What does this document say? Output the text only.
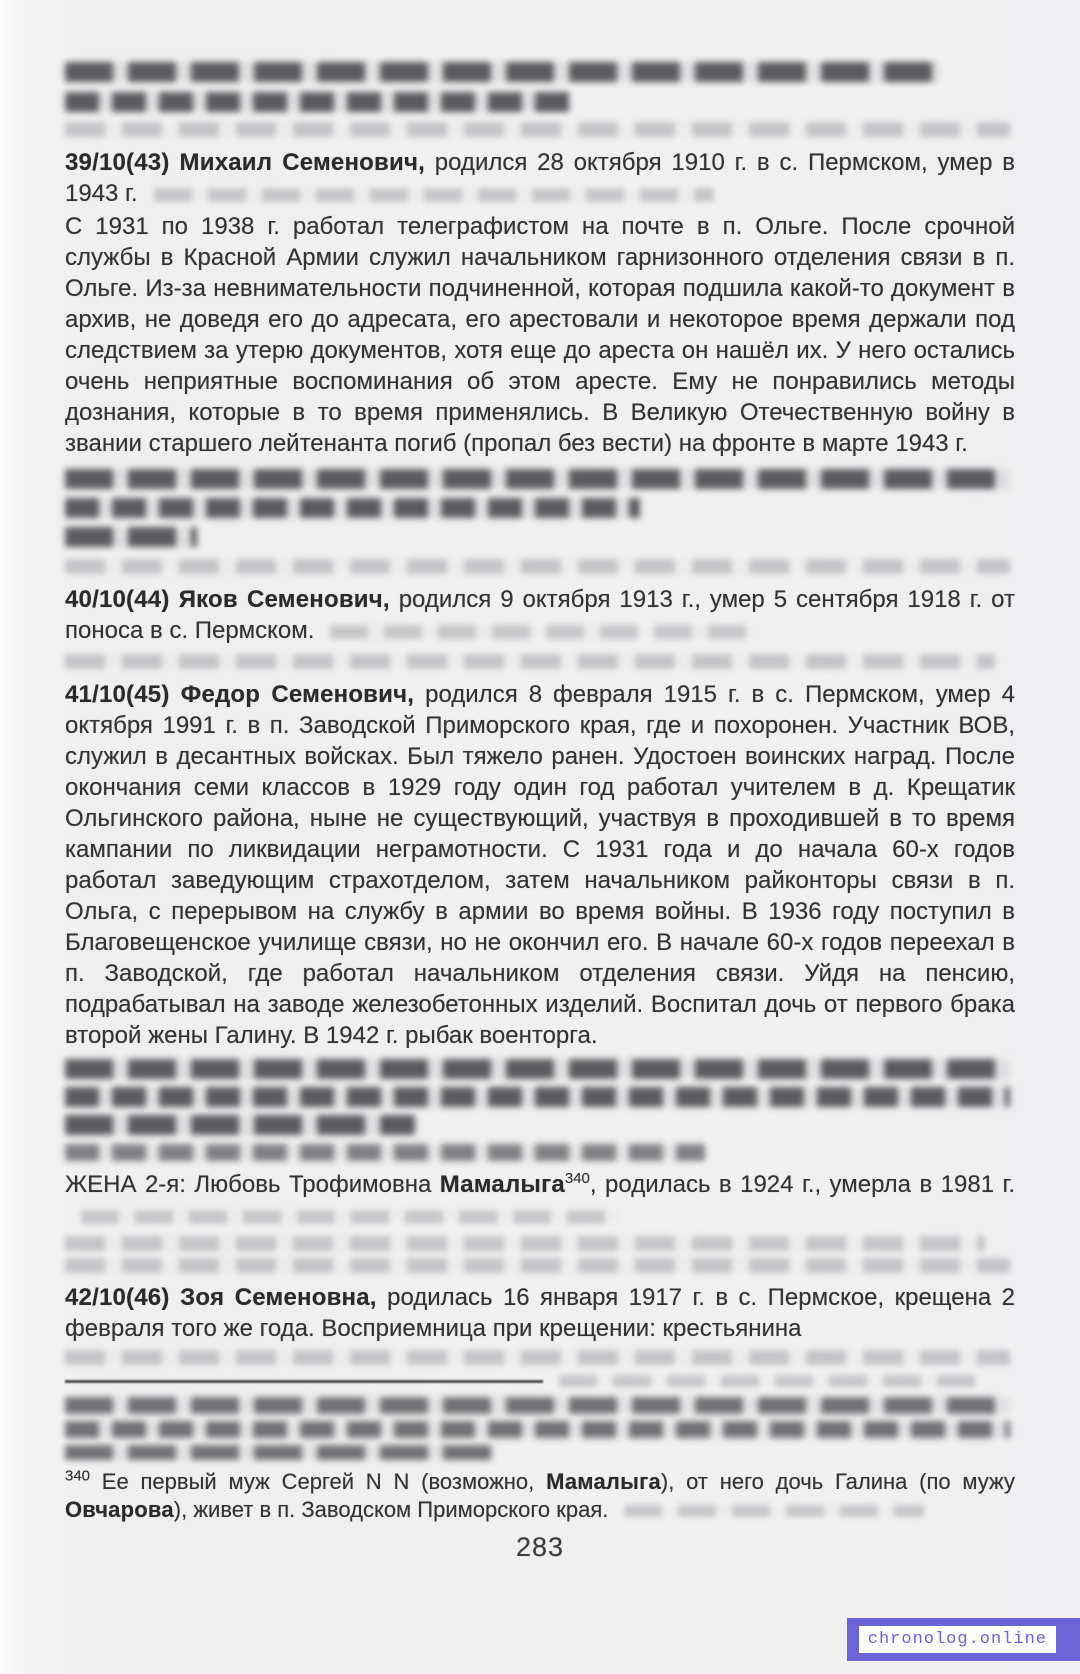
39/10(43) Михаил Семенович, родился 28 октября 1910 г. в с. Пермском, умер в 1943 г.

С 1931 по 1938 г. работал телеграфистом на почте в п. Ольге. После срочной службы в Красной Армии служил начальником гарнизонного отделения связи в п. Ольге. Из-за невнимательности подчиненной, которая подшила какой-то документ в архив, не доведя его до адресата, его арестовали и некоторое время держали под следствием за утерю документов, хотя еще до ареста он нашёл их. У него остались очень неприятные воспоминания об этом аресте. Ему не понравились методы дознания, которые в то время применялись. В Великую Отечественную войну в звании старшего лейтенанта погиб (пропал без вести) на фронте в марте 1943 г.

40/10(44) Яков Семенович, родился 9 октября 1913 г., умер 5 сентября 1918 г. от поноса в с. Пермском.

41/10(45) Федор Семенович, родился 8 февраля 1915 г. в с. Пермском, умер 4 октября 1991 г. в п. Заводской Приморского края, где и похоронен. Участник ВОВ, служил в десантных войсках. Был тяжело ранен. Удостоен воинских наград. После окончания семи классов в 1929 году один год работал учителем в д. Крещатик Ольгинского района, ныне не существующий, участвуя в проходившей в то время кампании по ликвидации неграмотности. С 1931 года и до начала 60-х годов работал заведующим страхотделом, затем начальником райконторы связи в п. Ольга, с перерывом на службу в армии во время войны. В 1936 году поступил в Благовещенское училище связи, но не окончил его. В начале 60-х годов переехал в п. Заводской, где работал начальником отделения связи. Уйдя на пенсию, подрабатывал на заводе железобетонных изделий. Воспитал дочь от первого брака второй жены Галину. В 1942 г. рыбак военторга.

ЖЕНА 2-я: Любовь Трофимовна Мамалыга$^{340}$, родилась в 1924 г., умерла в 1981 г.

42/10(46) Зоя Семеновна, родилась 16 января 1917 г. в с. Пермское, крещена 2 февраля того же года. Восприемница при крещении: крестьянина

$^{340}$ Ее первый муж Сергей N N (возможно, Мамалыга), от него дочь Галина (по мужу Овчарова), живет в п. Заводском Приморского края.

283
chronolog.online
